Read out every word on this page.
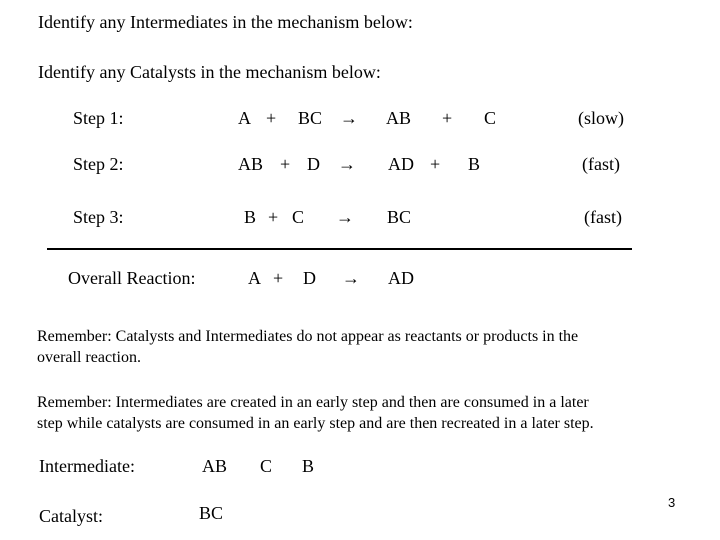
Identify any Intermediates in the mechanism below:
Identify any Catalysts in the mechanism below:
Step 1:	A + BC → AB + C	(slow)
Step 2:	AB + D → AD + B	(fast)
Step 3:	B + C → BC	(fast)
Overall Reaction:	A + D → AD
Remember: Catalysts and Intermediates do not appear as reactants or products in the
overall reaction.
Remember: Intermediates are created in an early step and then are consumed in a later
step while catalysts are consumed in an early step and are then recreated in a later step.
Intermediate:	AB C B
Catalyst:	BC
3
